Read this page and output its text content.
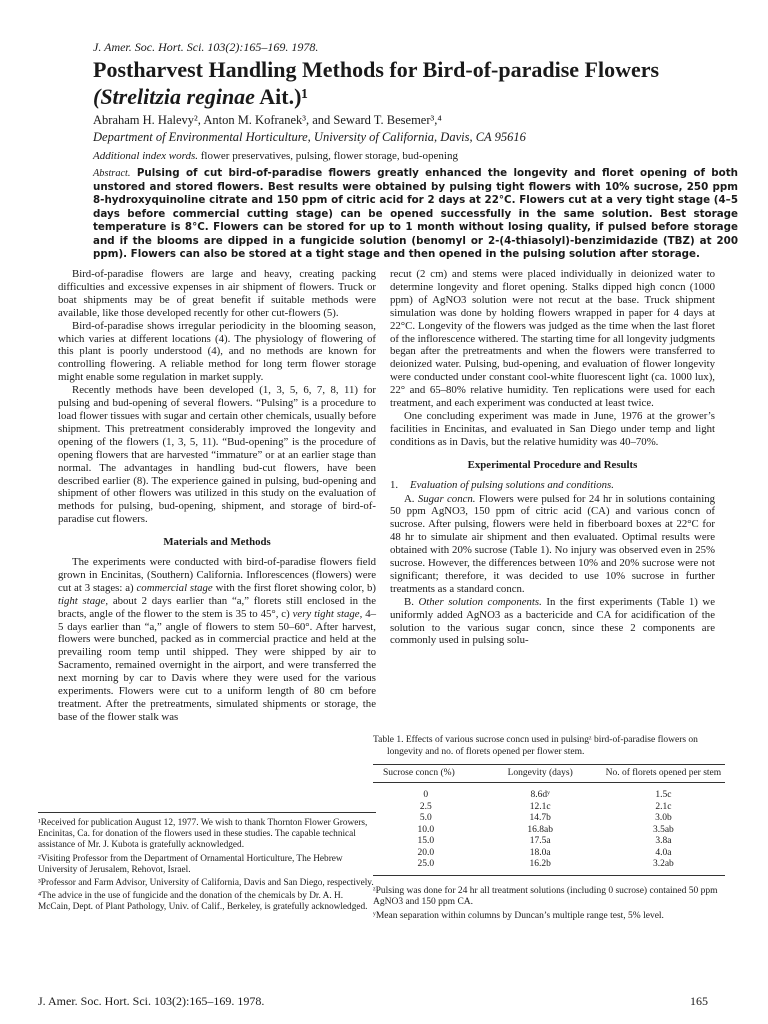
J. Amer. Soc. Hort. Sci. 103(2):165–169. 1978.
Postharvest Handling Methods for Bird-of-paradise Flowers
(Strelitzia reginae Ait.)¹
Abraham H. Halevy², Anton M. Kofranek³, and Seward T. Besemer³,⁴
Department of Environmental Horticulture, University of California, Davis, CA 95616
Additional index words. flower preservatives, pulsing, flower storage, bud-opening
Abstract. Pulsing of cut bird-of-paradise flowers greatly enhanced the longevity and floret opening of both unstored and stored flowers. Best results were obtained by pulsing tight flowers with 10% sucrose, 250 ppm 8-hydroxyquinoline citrate and 150 ppm of citric acid for 2 days at 22°C. Flowers cut at a very tight stage (4–5 days before commercial cutting stage) can be opened successfully in the same solution. Best storage temperature is 8°C. Flowers can be stored for up to 1 month without losing quality, if pulsed before storage and if the blooms are dipped in a fungicide solution (benomyl or 2-(4-thiasolyl)-benzimidazide (TBZ) at 200 ppm). Flowers can also be stored at a tight stage and then opened in the pulsing solution after storage.

Bird-of-paradise flowers are large and heavy, creating packing difficulties and excessive expenses in air shipment of flowers. Truck or boat shipments may be of great benefit if suitable methods were available, like those developed recently for other cut-flowers (5).

Bird-of-paradise shows irregular periodicity in the blooming season, which varies at different locations (4). The physiology of flowering of this plant is poorly understood (4), and no methods are known for controlling flowering. A reliable method for long term flower storage might enable some regulation in market supply.

Recently methods have been developed (1, 3, 5, 6, 7, 8, 11) for pulsing and bud-opening of several flowers. “Pulsing” is a procedure to load flower tissues with sugar and certain other chemicals, usually before shipment. This pretreatment considerably improved the longevity and opening of the flowers (1, 3, 5, 11). “Bud-opening” is the procedure of opening flowers that are harvested “immature” or at an earlier stage than normal. The advantages in handling bud-cut flowers, have been described earlier (8). The experience gained in pulsing, bud-opening and shipment of other flowers was utilized in this study on the evaluation of methods for pulsing, bud-opening, shipment, and storage of bird-of-paradise cut flowers.

Materials and Methods

The experiments were conducted with bird-of-paradise flowers field grown in Encinitas, (Southern) California. Inflorescences (flowers) were cut at 3 stages: a) commercial stage with the first floret showing color, b) tight stage, about 2 days earlier than “a,” florets still enclosed in the bracts, angle of the flower to the stem is 35 to 45°, c) very tight stage, 4–5 days earlier than “a,” angle of flowers to stem 50–60°. After harvest, flowers were bunched, packed as in commercial practice and held at the prevailing room temp until shipped. They were shipped by air to Sacramento, remained overnight in the airport, and were transferred the next morning by car to Davis where they were used for the various experiments. Flowers were cut to a uniform length of 80 cm before treatment. After the pretreatments, simulated shipments or storage, the base of the flower stalk was

¹Received for publication August 12, 1977. We wish to thank Thornton Flower Growers, Encinitas, Ca. for donation of the flowers used in these studies. The capable technical assistance of Mr. J. Kubota is gratefully acknowledged.

²Visiting Professor from the Department of Ornamental Horticulture, The Hebrew University of Jerusalem, Rehovot, Israel.

³Professor and Farm Advisor, University of California, Davis and San Diego, respectively.

⁴The advice in the use of fungicide and the donation of the chemicals by Dr. A. H. McCain, Dept. of Plant Pathology, Univ. of Calif., Berkeley, is gratefully acknowledged.

recut (2 cm) and stems were placed individually in deionized water to determine longevity and floret opening. Stalks dipped high concn (1000 ppm) of AgNO3 solution were not recut at the base. Truck shipment simulation was done by holding flowers wrapped in paper for 4 days at 22°C. Longevity of the flowers was judged as the time when the last floret of the inflorescence withered. The starting time for all longevity judgments began after the pretreatments and when the flowers were transferred to deionized water. Pulsing, bud-opening, and evaluation of flower longevity were conducted under constant cool-white fluorescent light (ca. 1000 lux), 22° and 65–80% relative humidity. Ten replications were used for each treatment, and each experiment was conducted at least twice.

One concluding experiment was made in June, 1976 at the grower’s facilities in Encinitas, and evaluated in San Diego under temp and light conditions as in Davis, but the relative humidity was 40–70%.

Experimental Procedure and Results
1. Evaluation of pulsing solutions and conditions.

A. Sugar concn. Flowers were pulsed for 24 hr in solutions containing 50 ppm AgNO3, 150 ppm of citric acid (CA) and various concn of sucrose. After pulsing, flowers were held in fiberboard boxes at 22°C for 48 hr to simulate air shipment and then evaluated. Optimal results were obtained with 20% sucrose (Table 1). No injury was observed even in 25% sucrose. However, the differences between 10% and 20% sucrose were not significant; therefore, it was decided to use 10% sucrose in further treatments as a standard concn.

B. Other solution components. In the first experiments (Table 1) we uniformly added AgNO3 as a bactericide and CA for acidification of the solution to the various sugar concn, since these 2 components are commonly used in pulsing solu-

Table 1. Effects of various sucrose concn used in pulsingᶻ bird-of-paradise flowers on longevity and no. of florets opened per flower stem.
Sucrose concn (%)	Longevity (days)	No. of florets opened per stem
0	8.6dʸ	1.5c
2.5	12.1c	2.1c
5.0	14.7b	3.0b
10.0	16.8ab	3.5ab
15.0	17.5a	3.8a
20.0	18.0a	4.0a
25.0	16.2b	3.2ab
ᶻPulsing was done for 24 hr all treatment solutions (including 0 sucrose) contained 50 ppm AgNO3 and 150 ppm CA.
ʸMean separation within columns by Duncan’s multiple range test, 5% level.
J. Amer. Soc. Hort. Sci. 103(2):165–169. 1978.	165
